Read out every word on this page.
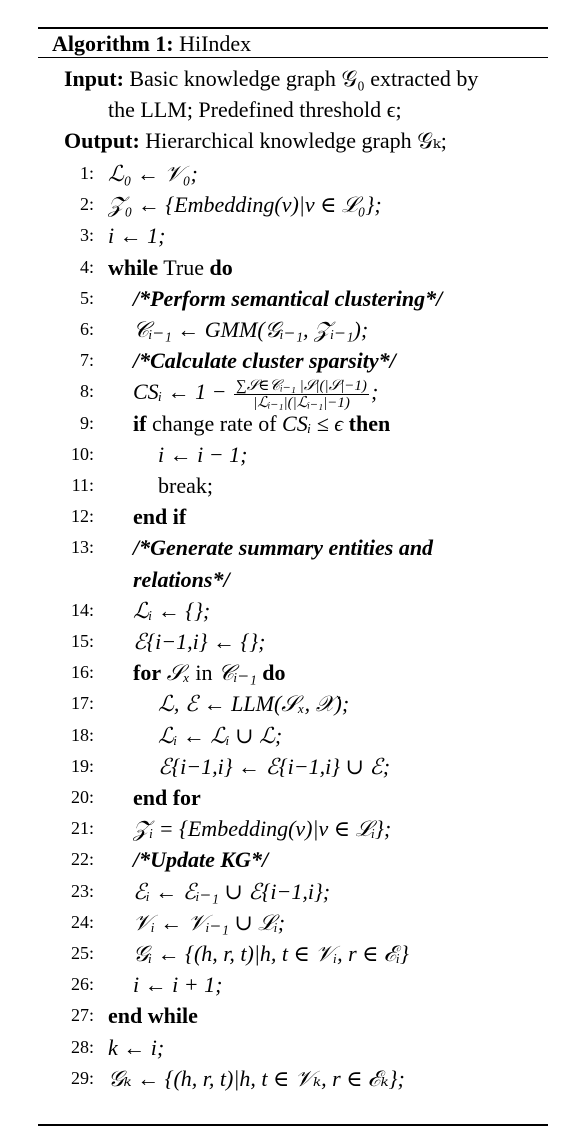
Algorithm 1: HiIndex
Input: Basic knowledge graph 𝒢₀ extracted by
the LLM; Predefined threshold ϵ;
Output: Hierarchical knowledge graph 𝒢ₖ;
1: ℒ₀ ← 𝒱₀;
2: 𝒵₀ ← {Embedding(v)|v ∈ ℒ₀};
3: i ← 1;
4: while True do
5: /*Perform semantical clustering*/
6: 𝒞ᵢ₋₁ ← GMM(𝒢ᵢ₋₁, 𝒵ᵢ₋₁);
7: /*Calculate cluster sparsity*/
8: CSᵢ ← $1 - \frac{\text{∑𝒮∈𝒞ᵢ₋₁ |𝒮|(|𝒮|−1)}}{\text{|ℒᵢ₋₁|(|ℒᵢ₋₁|−1)}}$ ;
9: if change rate of CSᵢ ≤ ϵ then
10:	i ← i − 1;
11:	break;
12: end if
13: /*Generate summary entities and
relations*/
14: ℒᵢ ← {};
15: ℰ{i−1,i} ← {};
16: for 𝒮ₓ in 𝒞ᵢ₋₁ do
17:	ℒ, ℰ ← LLM(𝒮ₓ, 𝒳);
18:	ℒᵢ ← ℒᵢ ∪ ℒ;
19:	ℰ{i−1,i} ← ℰ{i−1,i} ∪ ℰ;
20: end for
21: 𝒵ᵢ = {Embedding(v)|v ∈ ℒᵢ};
22: /*Update KG*/
23: ℰᵢ ← ℰᵢ₋₁ ∪ ℰ{i−1,i};
24: 𝒱ᵢ ← 𝒱ᵢ₋₁ ∪ ℒᵢ;
25: 𝒢ᵢ ← {(h, r, t)|h, t ∈ 𝒱ᵢ, r ∈ ℰᵢ}
26: i ← i + 1;
27: end while
28: k ← i;
29: 𝒢ₖ ← {(h, r, t)|h, t ∈ 𝒱ₖ, r ∈ ℰₖ};
